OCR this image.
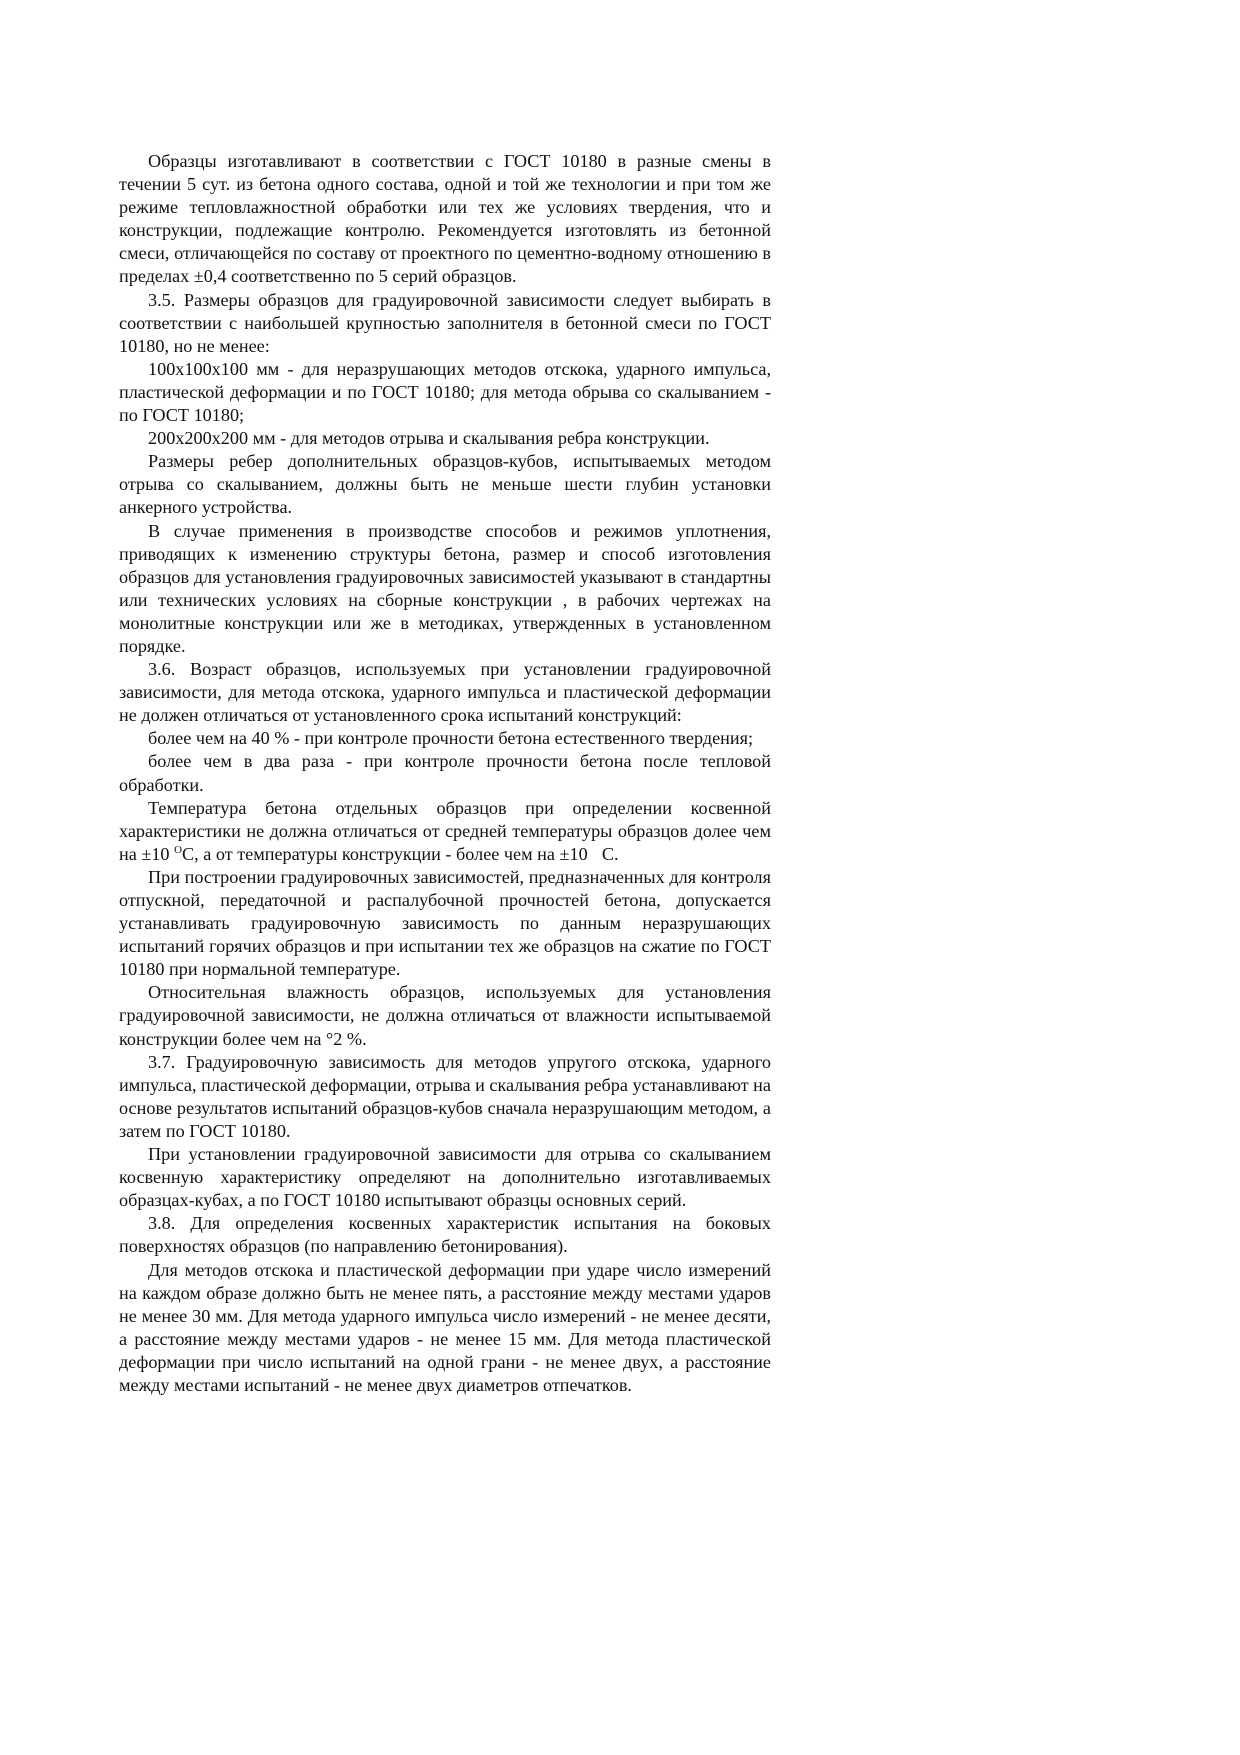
Образцы изготавливают в соответствии с ГОСТ 10180 в разные смены в течении 5 сут. из бетона одного состава, одной и той же технологии и при том же режиме тепловлажностной обработки или тех же условиях твердения, что и конструкции, подлежащие контролю. Рекомендуется изготовлять из бетонной смеси, отличающейся по составу от проектного по цементно-водному отношению в пределах ±0,4 соответственно по 5 серий образцов.

3.5. Размеры образцов для градуировочной зависимости следует выбирать в соответствии с наибольшей крупностью заполнителя в бетонной смеси по ГОСТ 10180, но не менее:

100x100x100 мм - для неразрушающих методов отскока, ударного импульса, пластической деформации и по ГОСТ 10180; для метода обрыва со скалыванием - по ГОСТ 10180;

200x200x200 мм - для методов отрыва и скалывания ребра конструкции.

Размеры ребер дополнительных образцов-кубов, испытываемых методом отрыва со скалыванием, должны быть не меньше шести глубин установки анкерного устройства.

В случае применения в производстве способов и режимов уплотнения, приводящих к изменению структуры бетона, размер и способ изготовления образцов для установления градуировочных зависимостей указывают в стандартны или технических условиях на сборные конструкции , в рабочих чертежах на монолитные конструкции или же в методиках, утвержденных в установленном порядке.

3.6. Возраст образцов, используемых при установлении градуировочной зависимости, для метода отскока, ударного импульса и пластической деформации не должен отличаться от установленного срока испытаний конструкций:

более чем на 40 % - при контроле прочности бетона естественного твердения;

более чем в два раза - при контроле прочности бетона после тепловой обработки.

Температура бетона отдельных образцов при определении косвенной характеристики не должна отличаться от средней температуры образцов долее чем на ±10 $^О$С, а от температуры конструкции - более чем на ±10 С.

При построении градуировочных зависимостей, предназначенных для контроля отпускной, передаточной и распалубочной прочностей бетона, допускается устанавливать градуировочную зависимость по данным неразрушающих испытаний горячих образцов и при испытании тех же образцов на сжатие по ГОСТ 10180 при нормальной температуре.

Относительная влажность образцов, используемых для установления градуировочной зависимости, не должна отличаться от влажности испытываемой конструкции более чем на °2 %.

3.7. Градуировочную зависимость для методов упругого отскока, ударного импульса, пластической деформации, отрыва и скалывания ребра устанавливают на основе результатов испытаний образцов-кубов сначала неразрушающим методом, а затем по ГОСТ 10180.

При установлении градуировочной зависимости для отрыва со скалыванием косвенную характеристику определяют на дополнительно изготавливаемых образцах-кубах, а по ГОСТ 10180 испытывают образцы основных серий.

3.8. Для определения косвенных характеристик испытания на боковых поверхностях образцов (по направлению бетонирования).

Для методов отскока и пластической деформации при ударе число измерений на каждом образе должно быть не менее пять, а расстояние между местами ударов не менее 30 мм. Для метода ударного импульса число измерений - не менее десяти, а расстояние между местами ударов - не менее 15 мм. Для метода пластической деформации при число испытаний на одной грани - не менее двух, а расстояние между местами испытаний - не менее двух диаметров отпечатков.
